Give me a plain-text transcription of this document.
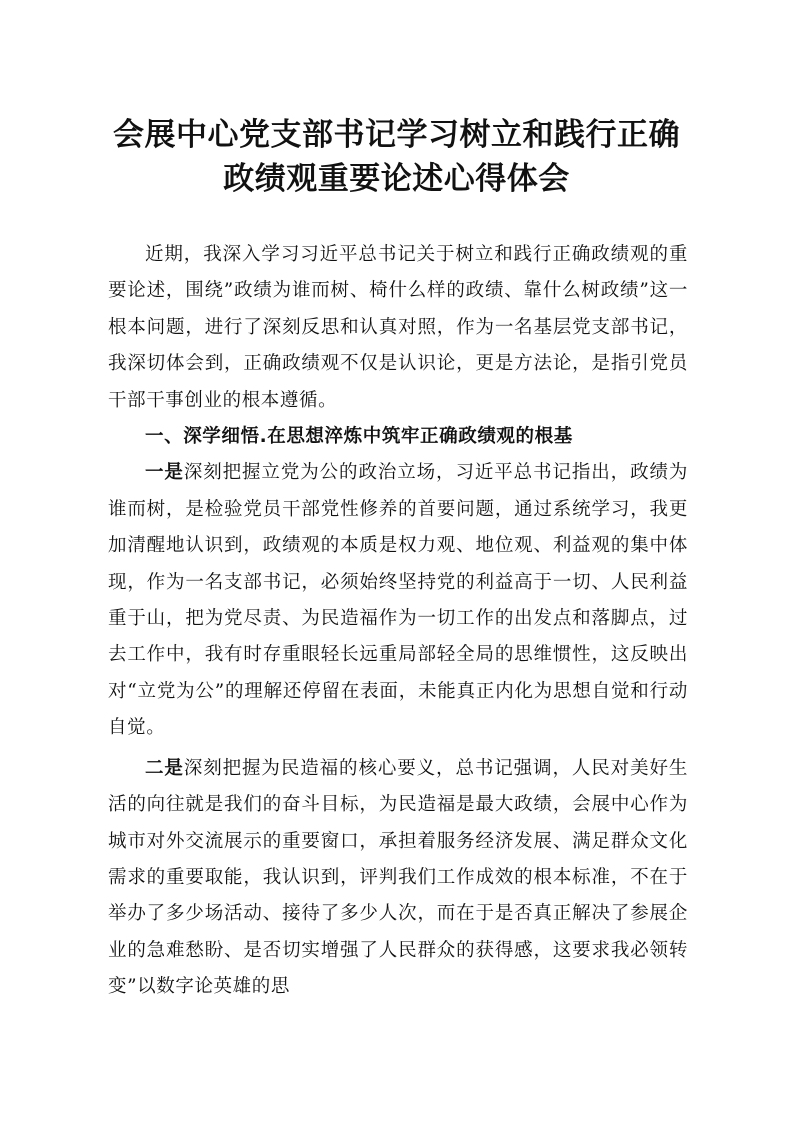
会展中心党支部书记学习树立和践行正确
政绩观重要论述心得体会

近期，我深入学习习近平总书记关于树立和践行正确政绩观的重要论述，围绕”政绩为谁而树、椅什么样的政绩、靠什么树政绩”这一根本问题，进行了深刻反思和认真对照，作为一名基层党支部书记，我深切体会到，正确政绩观不仅是认识论，更是方法论，是指引党员干部干事创业的根本遵循。

一、深学细悟.在思想淬炼中筑牢正确政绩观的根基

一是深刻把握立党为公的政治立场，习近平总书记指出，政绩为谁而树，是检验党员干部党性修养的首要问题，通过系统学习，我更加清醒地认识到，政绩观的本质是权力观、地位观、利益观的集中体现，作为一名支部书记，必须始终坚持党的利益高于一切、人民利益重于山，把为党尽责、为民造福作为一切工作的出发点和落脚点，过去工作中，我有时存重眼轻长远重局部轻全局的思维惯性，这反映出对“立党为公”的理解还停留在表面，未能真正内化为思想自觉和行动自觉。

二是深刻把握为民造福的核心要义，总书记强调，人民对美好生活的向往就是我们的奋斗目标，为民造福是最大政绩，会展中心作为城市对外交流展示的重要窗口，承担着服务经济发展、满足群众文化需求的重要取能，我认识到，评判我们工作成效的根本标准，不在于举办了多少场活动、接待了多少人次，而在于是否真正解决了参展企业的急难愁盼、是否切实增强了人民群众的获得感，这要求我必领转变”以数字论英雄的思
